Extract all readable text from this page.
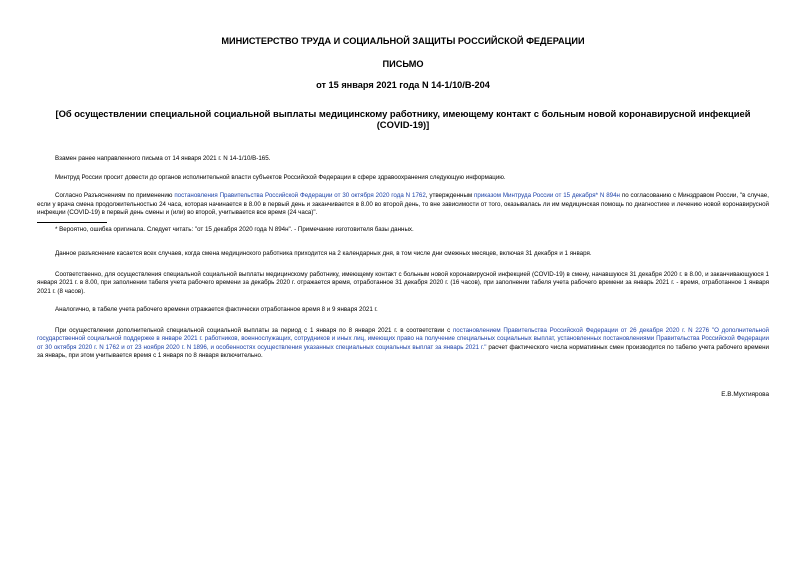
МИНИСТЕРСТВО ТРУДА И СОЦИАЛЬНОЙ ЗАЩИТЫ РОССИЙСКОЙ ФЕДЕРАЦИИ
ПИСЬМО
от 15 января 2021 года N 14-1/10/В-204
[Об осуществлении специальной социальной выплаты медицинскому работнику, имеющему контакт с больным новой коронавирусной инфекцией (COVID-19)]

Взамен ранее направленного письма от 14 января 2021 г. N 14-1/10/В-165.

Минтруд России просит довести до органов исполнительной власти субъектов Российской Федерации в сфере здравоохранения следующую информацию.

Согласно Разъяснениям по применению постановления Правительства Российской Федерации от 30 октября 2020 года N 1762, утвержденным приказом Минтруда России от 15 декабря* N 894н по согласованию с Минздравом России, "в случае, если у врача смена продолжительностью 24 часа, которая начинается в 8.00 в первый день и заканчивается в 8.00 во второй день, то вне зависимости от того, оказывалась ли им медицинская помощь по диагностике и лечению новой коронавирусной инфекции (COVID-19) в первый день смены и (или) во второй, учитывается все время (24 часа)".

* Вероятно, ошибка оригинала. Следует читать: "от 15 декабря 2020 года N 894н". - Примечание изготовителя базы данных.

Данное разъяснение касается всех случаев, когда смена медицинского работника приходится на 2 календарных дня, в том числе дни смежных месяцев, включая 31 декабря и 1 января.

Соответственно, для осуществления специальной социальной выплаты медицинскому работнику, имеющему контакт с больным новой коронавирусной инфекцией (COVID-19) в смену, начавшуюся 31 декабря 2020 г. в 8.00, и заканчивающуюся 1 января 2021 г. в 8.00, при заполнении табеля учета рабочего времени за декабрь 2020 г. отражается время, отработанное 31 декабря 2020 г. (16 часов), при заполнении табеля учета рабочего времени за январь 2021 г. - время, отработанное 1 января 2021 г. (8 часов).

Аналогично, в табеле учета рабочего времени отражается фактически отработанное время 8 и 9 января 2021 г.

При осуществлении дополнительной специальной социальной выплаты за период с 1 января по 8 января 2021 г. в соответствии с постановлением Правительства Российской Федерации от 26 декабря 2020 г. N 2276 "О дополнительной государственной социальной поддержке в январе 2021 г. работников, военнослужащих, сотрудников и иных лиц, имеющих право на получение специальных социальных выплат, установленных постановлениями Правительства Российской Федерации от 30 октября 2020 г. N 1762 и от 23 ноября 2020 г. N 1896, и особенностях осуществления указанных специальных социальных выплат за январь 2021 г." расчет фактического числа нормативных смен производится по табелю учета рабочего времени за январь, при этом учитывается время с 1 января по 8 января включительно.

Е.В.Мухтиярова
